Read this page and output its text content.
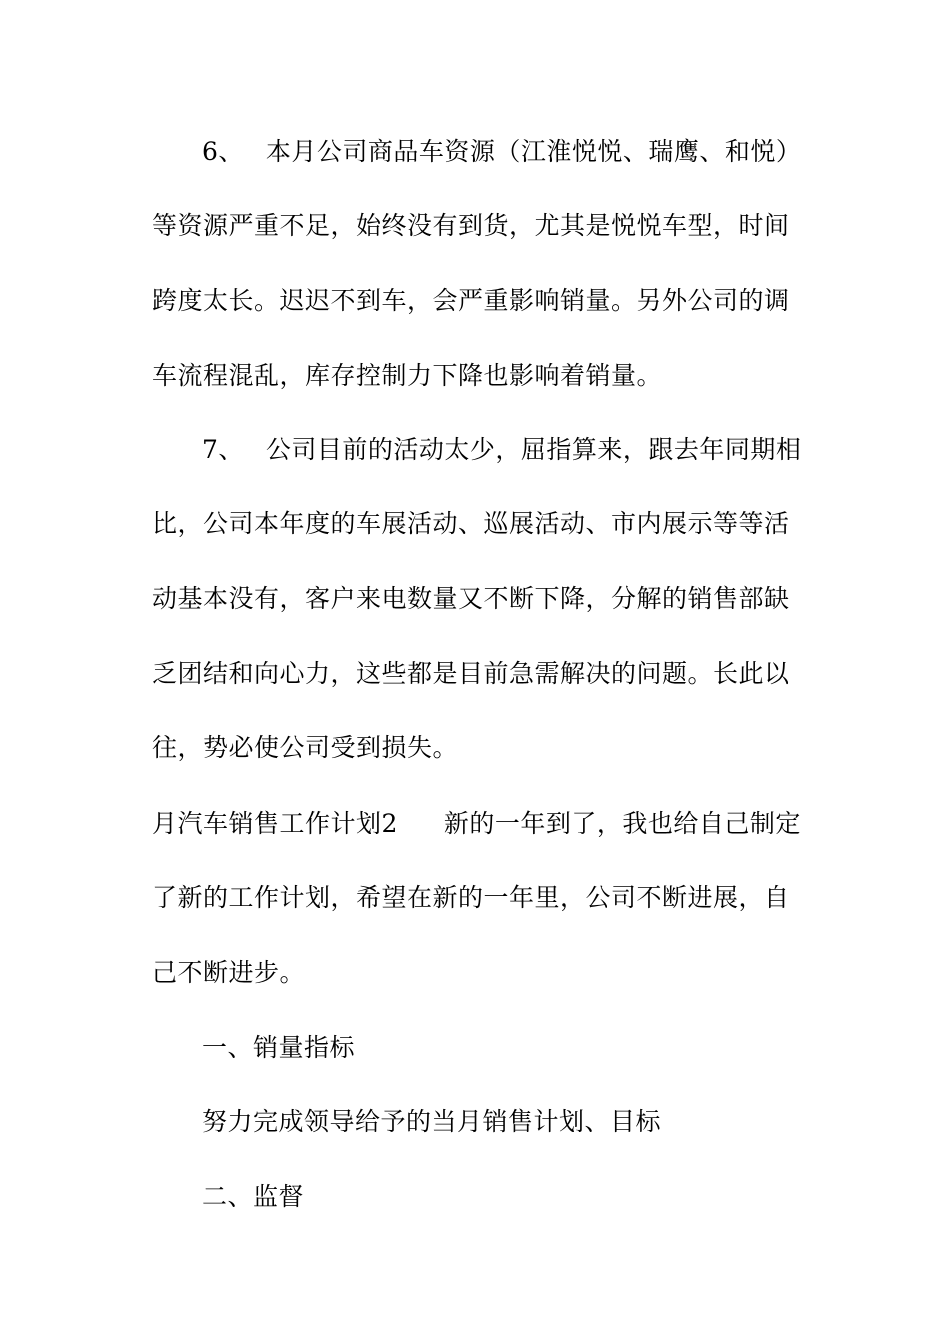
6、 本月公司商品车资源（江淮悦悦、瑞鹰、和悦）
等资源严重不足，始终没有到货，尤其是悦悦车型，时间
跨度太长。迟迟不到车，会严重影响销量。另外公司的调
车流程混乱，库存控制力下降也影响着销量。
7、 公司目前的活动太少，屈指算来，跟去年同期相
比，公司本年度的车展活动、巡展活动、市内展示等等活
动基本没有，客户来电数量又不断下降，分解的销售部缺
乏团结和向心力，这些都是目前急需解决的问题。长此以
往，势必使公司受到损失。
月汽车销售工作计划2 新的一年到了，我也给自己制定
了新的工作计划，希望在新的一年里，公司不断进展，自
己不断进步。
一、销量指标
努力完成领导给予的当月销售计划、目标
二、监督
